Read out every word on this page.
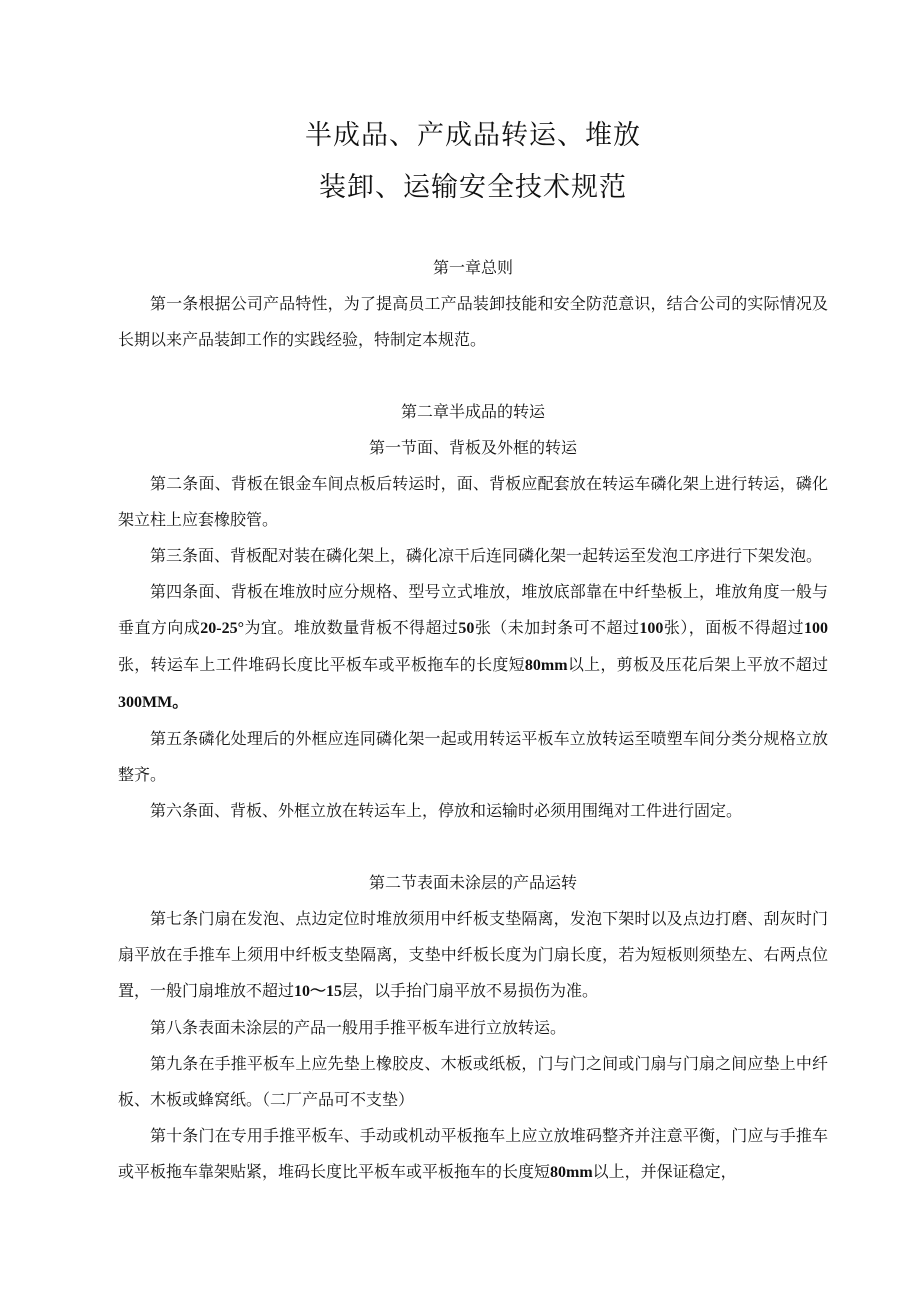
半成品、产成品转运、堆放
装卸、运输安全技术规范

第一章总则

第一条根据公司产品特性，为了提高员工产品装卸技能和安全防范意识，结合公司的实际情况及长期以来产品装卸工作的实践经验，特制定本规范。

第二章半成品的转运

第一节面、背板及外框的转运

第二条面、背板在银金车间点板后转运时，面、背板应配套放在转运车磷化架上进行转运，磷化架立柱上应套橡胶管。

第三条面、背板配对装在磷化架上，磷化凉干后连同磷化架一起转运至发泡工序进行下架发泡。

第四条面、背板在堆放时应分规格、型号立式堆放，堆放底部靠在中纤垫板上，堆放角度一般与垂直方向成20-25°为宜。堆放数量背板不得超过50张（未加封条可不超过100张），面板不得超过100张，转运车上工件堆码长度比平板车或平板拖车的长度短80mm以上，剪板及压花后架上平放不超过300MM。

第五条磷化处理后的外框应连同磷化架一起或用转运平板车立放转运至喷塑车间分类分规格立放整齐。

第六条面、背板、外框立放在转运车上，停放和运输时必须用围绳对工件进行固定。

第二节表面未涂层的产品运转

第七条门扇在发泡、点边定位时堆放须用中纤板支垫隔离，发泡下架时以及点边打磨、刮灰时门扇平放在手推车上须用中纤板支垫隔离，支垫中纤板长度为门扇长度，若为短板则须垫左、右两点位置，一般门扇堆放不超过10～15层，以手抬门扇平放不易损伤为准。

第八条表面未涂层的产品一般用手推平板车进行立放转运。

第九条在手推平板车上应先垫上橡胶皮、木板或纸板，门与门之间或门扇与门扇之间应垫上中纤板、木板或蜂窝纸。（二厂产品可不支垫）

第十条门在专用手推平板车、手动或机动平板拖车上应立放堆码整齐并注意平衡，门应与手推车或平板拖车靠架贴紧，堆码长度比平板车或平板拖车的长度短80mm以上，并保证稳定，
